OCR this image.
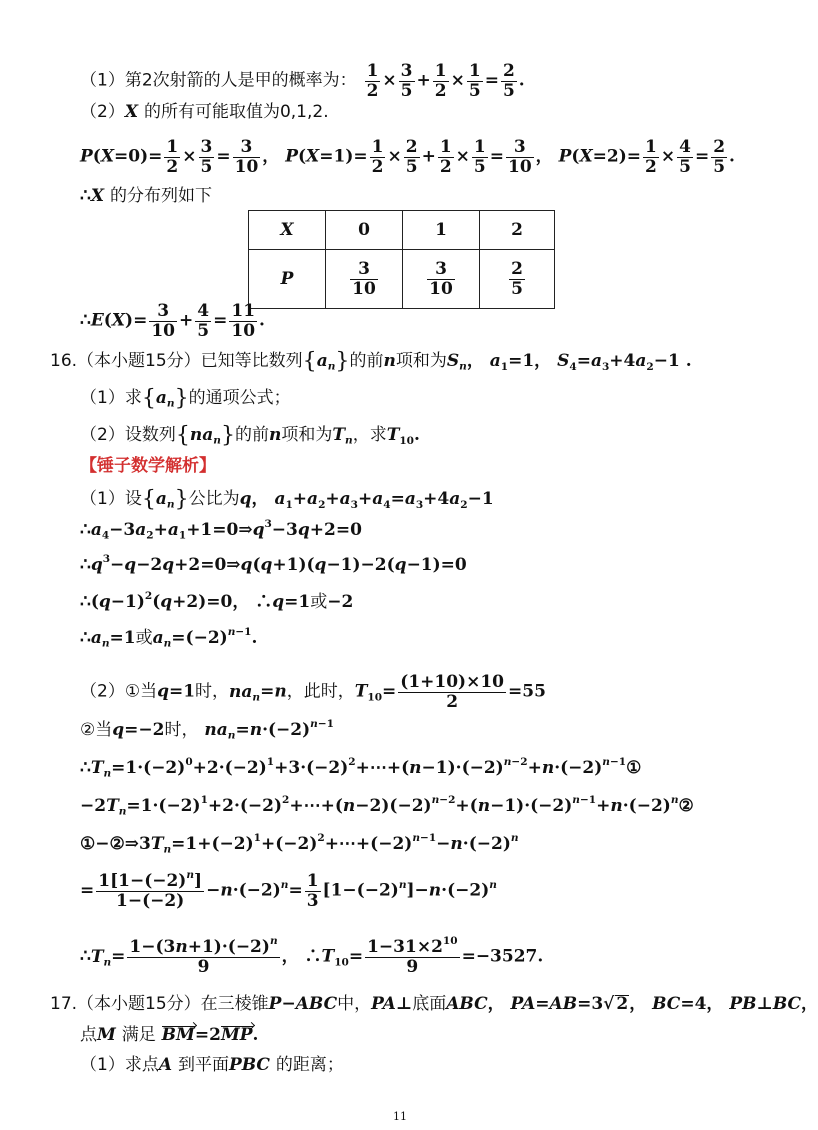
（1）第2次射箭的人是甲的概率为： $\frac{1}{2} \times \frac{3}{5} + \frac{1}{2} \times \frac{1}{5} = \frac{2}{5}$ .
（2）X 的所有可能取值为0,1,2.
$P(X=0)= \frac{1}{2} \times \frac{3}{5} = \frac{3}{10}$ ， $P(X=1)= \frac{1}{2} \times \frac{2}{5} + \frac{1}{2} \times \frac{1}{5} = \frac{3}{10}$ ， $P(X=2)= \frac{1}{2} \times \frac{4}{5} = \frac{2}{5}$ .
∴X 的分布列如下
X	0	1	2
P	$\frac{3}{10}$	$\frac{3}{10}$	$\frac{2}{5}$
∴E(X)= $\frac{3}{10} + \frac{4}{5} = \frac{11}{10}$ .
16.（本小题15分）已知等比数列$\{a_n\}$的前n项和为$S_n$， $a_1=1$， $S_4=a_3+4a_2-1$ .
（1）求$\{a_n\}$的通项公式；
（2）设数列$\{na_n\}$的前n项和为$T_n$，求$T_{10}$.
【锤子数学解析】
（1）设$\{a_n\}$公比为q， $a_1+a_2+a_3+a_4=a_3+4a_2-1$
$\therefore a_4-3a_2+a_1+1=0\Rightarrow q^3-3q+2=0$
$\therefore q^3-q-2q+2=0\Rightarrow q(q+1)(q-1)-2(q-1)=0$
$\therefore(q-1)^2(q+2)=0$， ∴q=1或−2
$\therefore a_n=1$或$a_n=(-2)^{n-1}$.
（2）①当q=1时，$na_n=n$，此时，$T_{10}= \frac{(1+10)\times 10}{2} =55$
②当q=−2时， $na_n=n\cdot(-2)^{n-1}$
$\therefore T_n=1\cdot(-2)^0+2\cdot(-2)^1+3\cdot(-2)^2+\cdots+(n-1)\cdot(-2)^{n-2}+n\cdot(-2)^{n-1}①$
$-2T_n=1\cdot(-2)^1+2\cdot(-2)^2+\cdots+(n-2)(-2)^{n-2}+(n-1)\cdot(-2)^{n-1}+n\cdot(-2)^n②$
$①-②\Rightarrow 3T_n=1+(-2)^1+(-2)^2+\cdots+(-2)^{n-1}-n\cdot(-2)^n$
= $\frac{1[1-(-2)^n]}{1-(-2)} -n\cdot(-2)^n= \frac{1}{3} [1-(-2)^n]-n\cdot(-2)^n$
$\therefore T_n= \frac{1-(3n+1)\cdot(-2)^n}{9}$ ， $\therefore T_{10}= \frac{1-31\times 2^{10}}{9} =-3527$.
17.（本小题15分）在三棱锥P−ABC中，PA⊥底面ABC， PA=AB=3√ 2， BC=4， PB⊥BC，
点M 满足 BM=2MP.
（1）求点A 到平面PBC 的距离；
11
